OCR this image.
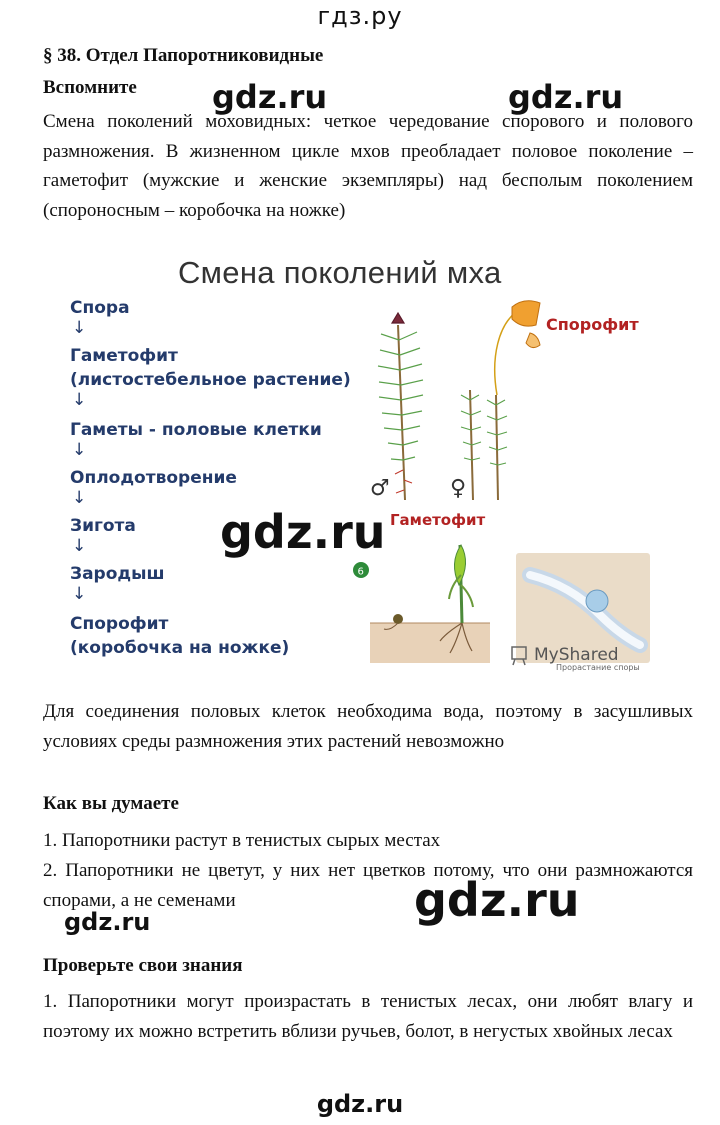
гдз.ру
§ 38. Отдел Папоротниковидные
Вспомните gdz.ru	gdz.ru

Смена поколений моховидных: четкое чередование спорового и полового размножения. В жизненном цикле мхов преобладает половое поколение – гаметофит (мужские и женские экземпляры) над бесполым поколением (спороносным – коробочка на ножке)

Смена поколений мха
Спора
↓
Гаметофит
(листостебельное растение)
↓
Гаметы - половые клетки
↓
Оплодотворение
↓
Зигота
↓
Зародыш
↓
Спорофит
(коробочка на ножке)
♂	♀
6
Спорофит
Гаметофит
MyShared
Прорастание споры
gdz.ru

Для соединения половых клеток необходима вода, поэтому в засушливых условиях среды размножения этих растений невозможно

Как вы думаете

1. Папоротники растут в тенистых сырых местах

2. Папоротники не цветут, у них нет цветков потому, что они размножаются спорами, а не семенами	gdz.ru
gdz.ru
Проверьте свои знания

1. Папоротники могут произрастать в тенистых лесах, они любят влагу и поэтому их можно встретить вблизи ручьев, болот, в негустых хвойных лесах

gdz.ru
